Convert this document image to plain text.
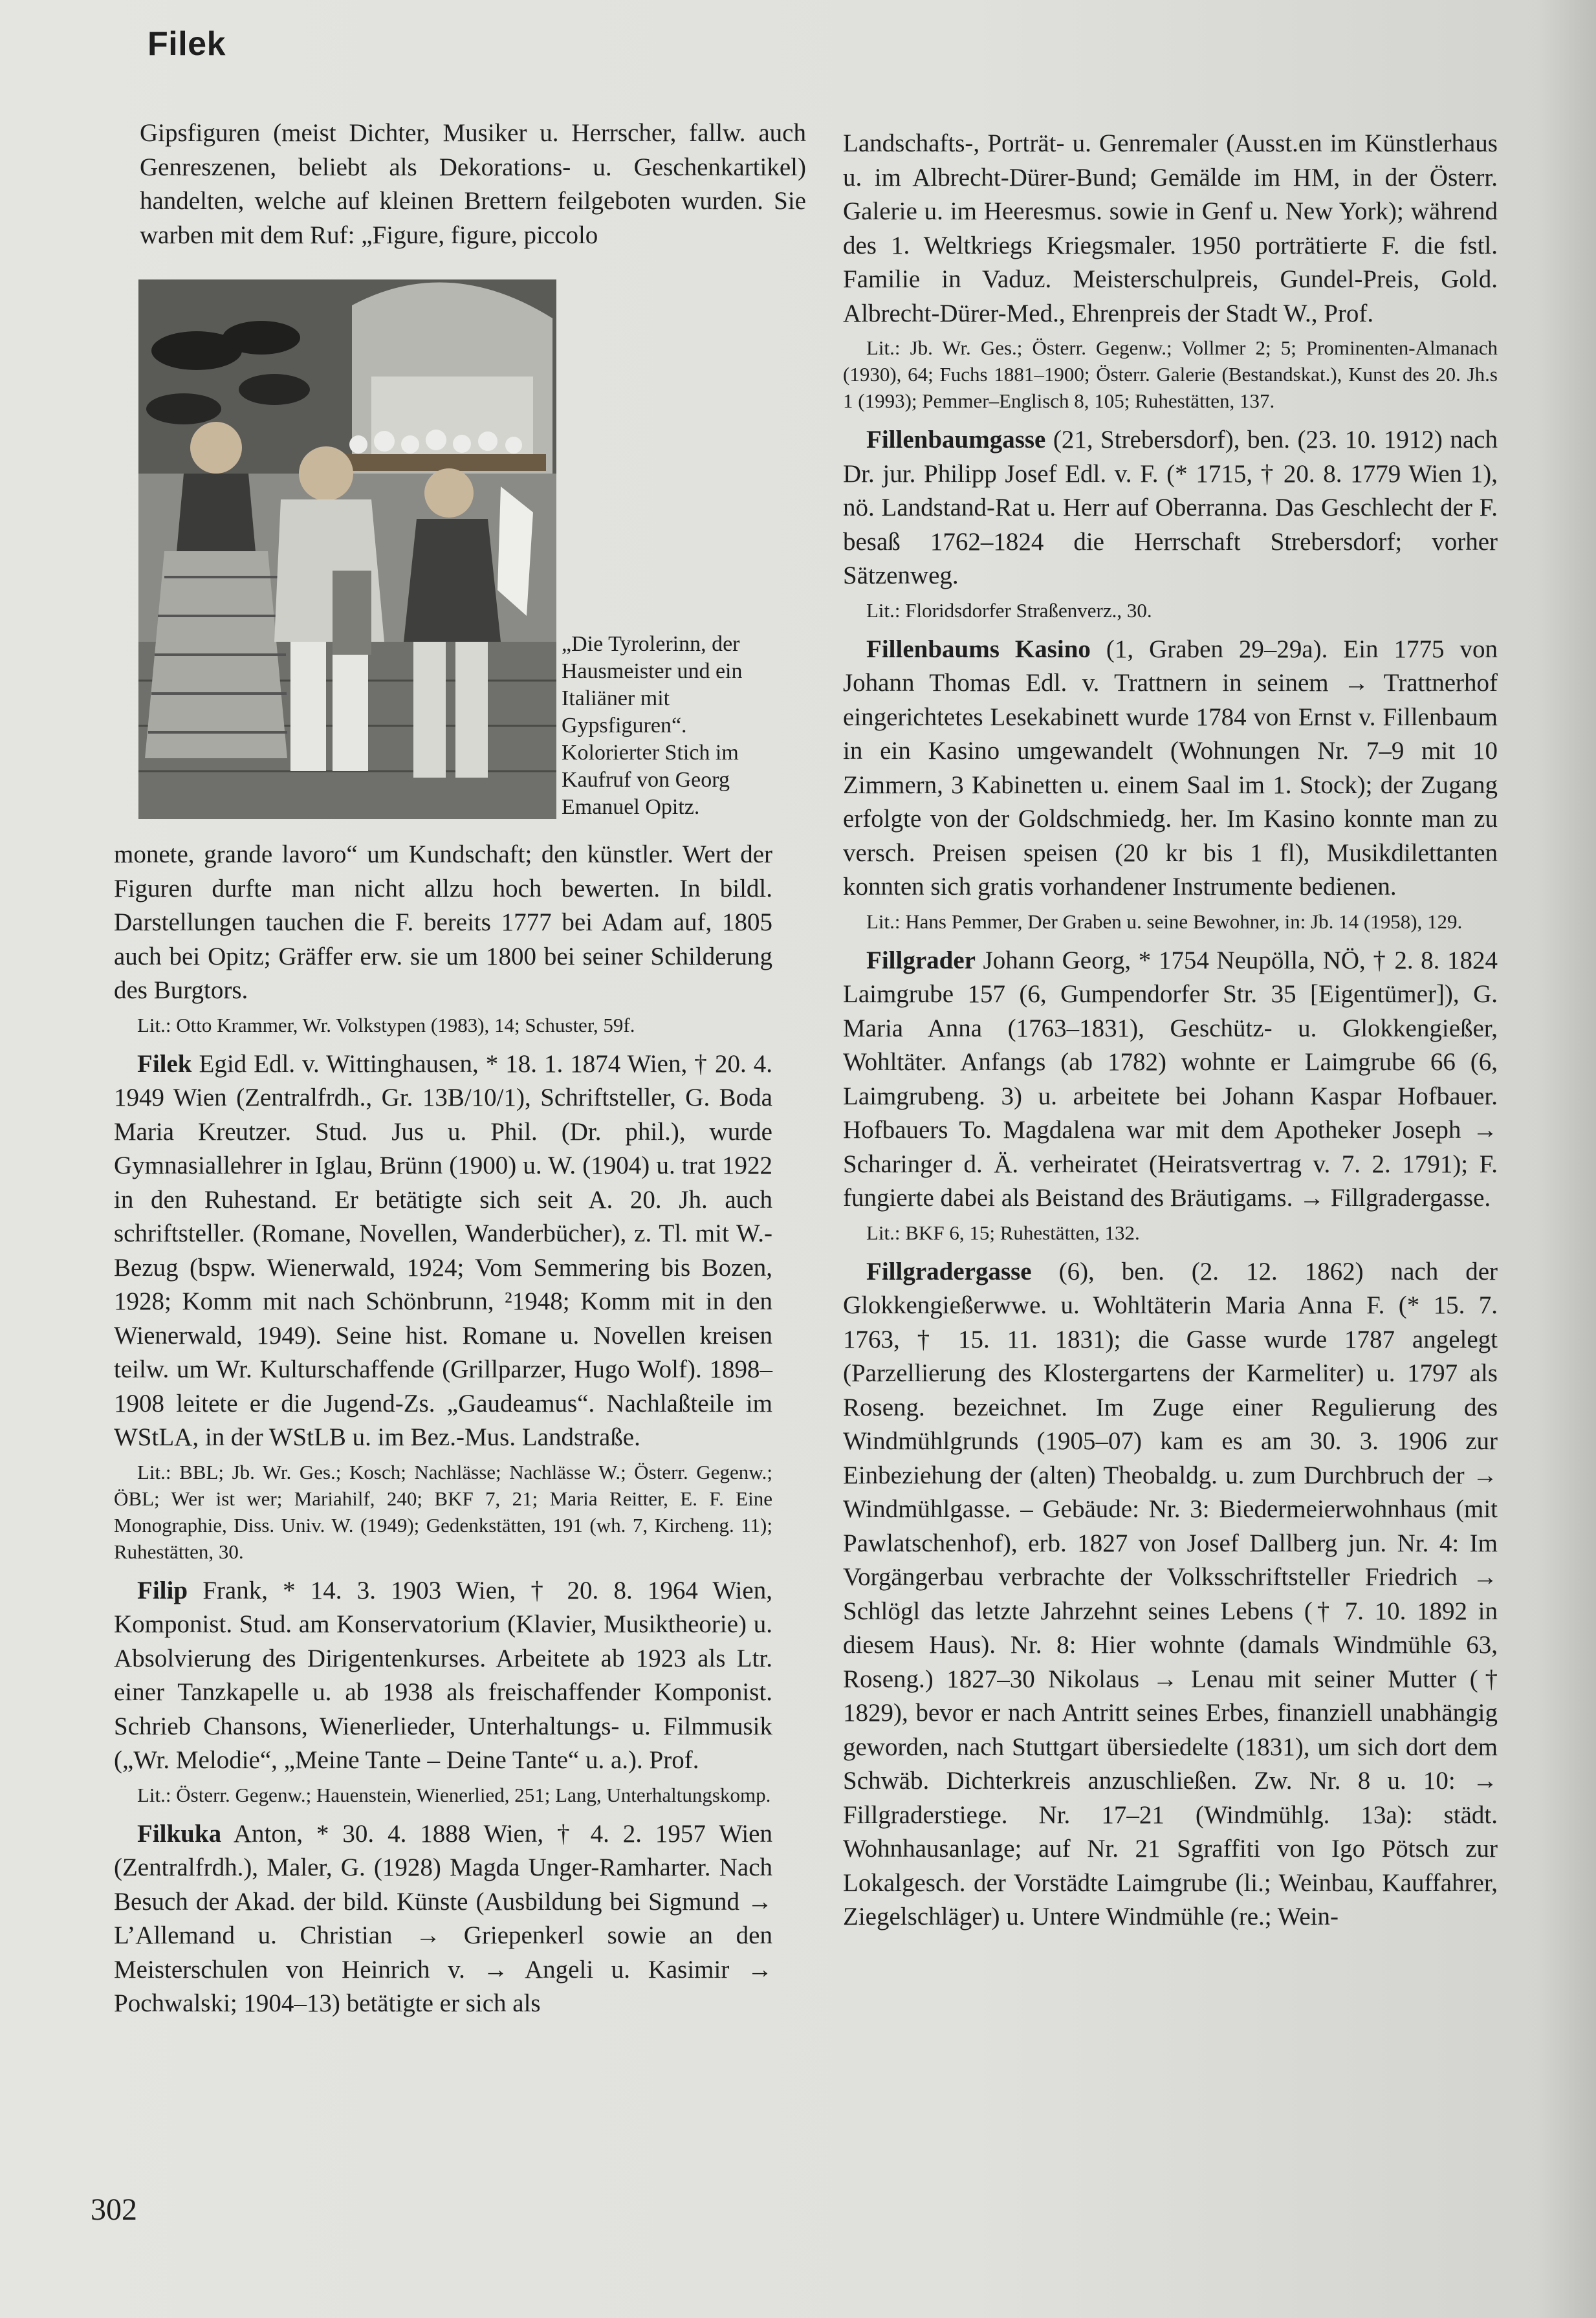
Filek

Gipsfiguren (meist Dichter, Musiker u. Herrscher, fallw. auch Genreszenen, beliebt als Dekorations- u. Geschenkartikel) handelten, welche auf kleinen Brettern feilgeboten wurden. Sie warben mit dem Ruf: „Figure, figure, piccolo

„Die Tyrolerinn, der Hausmeister und ein Italiäner mit Gypsfiguren“. Kolorierter Stich im Kaufruf von Georg Emanuel Opitz.

monete, grande lavoro“ um Kundschaft; den künstler. Wert der Figuren durfte man nicht allzu hoch bewerten. In bildl. Darstellungen tauchen die F. bereits 1777 bei Adam auf, 1805 auch bei Opitz; Gräffer erw. sie um 1800 bei seiner Schilderung des Burgtors.

Lit.: Otto Krammer, Wr. Volkstypen (1983), 14; Schuster, 59f.

Filek Egid Edl. v. Wittinghausen, * 18. 1. 1874 Wien, † 20. 4. 1949 Wien (Zentralfrdh., Gr. 13B/10/1), Schriftsteller, G. Boda Maria Kreutzer. Stud. Jus u. Phil. (Dr. phil.), wurde Gymnasiallehrer in Iglau, Brünn (1900) u. W. (1904) u. trat 1922 in den Ruhestand. Er betätigte sich seit A. 20. Jh. auch schriftsteller. (Romane, Novellen, Wanderbücher), z. Tl. mit W.-Bezug (bspw. Wienerwald, 1924; Vom Semmering bis Bozen, 1928; Komm mit nach Schönbrunn, ²1948; Komm mit in den Wienerwald, 1949). Seine hist. Romane u. Novellen kreisen teilw. um Wr. Kulturschaffende (Grillparzer, Hugo Wolf). 1898–1908 leitete er die Jugend-Zs. „Gaudeamus“. Nachlaßteile im WStLA, in der WStLB u. im Bez.-Mus. Landstraße.

Lit.: BBL; Jb. Wr. Ges.; Kosch; Nachlässe; Nachlässe W.; Österr. Gegenw.; ÖBL; Wer ist wer; Mariahilf, 240; BKF 7, 21; Maria Reitter, E. F. Eine Monographie, Diss. Univ. W. (1949); Gedenkstätten, 191 (wh. 7, Kircheng. 11); Ruhestätten, 30.

Filip Frank, * 14. 3. 1903 Wien, † 20. 8. 1964 Wien, Komponist. Stud. am Konservatorium (Klavier, Musiktheorie) u. Absolvierung des Dirigentenkurses. Arbeitete ab 1923 als Ltr. einer Tanzkapelle u. ab 1938 als freischaffender Komponist. Schrieb Chansons, Wienerlieder, Unterhaltungs- u. Filmmusik („Wr. Melodie“, „Meine Tante – Deine Tante“ u. a.). Prof.

Lit.: Österr. Gegenw.; Hauenstein, Wienerlied, 251; Lang, Unterhaltungskomp.

Filkuka Anton, * 30. 4. 1888 Wien, † 4. 2. 1957 Wien (Zentralfrdh.), Maler, G. (1928) Magda Unger-Ramharter. Nach Besuch der Akad. der bild. Künste (Ausbildung bei Sigmund → L’Allemand u. Christian → Griepenkerl sowie an den Meisterschulen von Heinrich v. → Angeli u. Kasimir → Pochwalski; 1904–13) betätigte er sich als

Landschafts-, Porträt- u. Genremaler (Ausst.en im Künstlerhaus u. im Albrecht-Dürer-Bund; Gemälde im HM, in der Österr. Galerie u. im Heeresmus. sowie in Genf u. New York); während des 1. Weltkriegs Kriegsmaler. 1950 porträtierte F. die fstl. Familie in Vaduz. Meisterschulpreis, Gundel-Preis, Gold. Albrecht-Dürer-Med., Ehrenpreis der Stadt W., Prof.

Lit.: Jb. Wr. Ges.; Österr. Gegenw.; Vollmer 2; 5; Prominenten-Almanach (1930), 64; Fuchs 1881–1900; Österr. Galerie (Bestandskat.), Kunst des 20. Jh.s 1 (1993); Pemmer–Englisch 8, 105; Ruhestätten, 137.

Fillenbaumgasse (21, Strebersdorf), ben. (23. 10. 1912) nach Dr. jur. Philipp Josef Edl. v. F. (* 1715, † 20. 8. 1779 Wien 1), nö. Landstand-Rat u. Herr auf Oberranna. Das Geschlecht der F. besaß 1762–1824 die Herrschaft Strebersdorf; vorher Sätzenweg.

Lit.: Floridsdorfer Straßenverz., 30.

Fillenbaums Kasino (1, Graben 29–29a). Ein 1775 von Johann Thomas Edl. v. Trattnern in seinem → Trattnerhof eingerichtetes Lesekabinett wurde 1784 von Ernst v. Fillenbaum in ein Kasino umgewandelt (Wohnungen Nr. 7–9 mit 10 Zimmern, 3 Kabinetten u. einem Saal im 1. Stock); der Zugang erfolgte von der Goldschmiedg. her. Im Kasino konnte man zu versch. Preisen speisen (20 kr bis 1 fl), Musikdilettanten konnten sich gratis vorhandener Instrumente bedienen.

Lit.: Hans Pemmer, Der Graben u. seine Bewohner, in: Jb. 14 (1958), 129.

Fillgrader Johann Georg, * 1754 Neupölla, NÖ, † 2. 8. 1824 Laimgrube 157 (6, Gumpendorfer Str. 35 [Eigentümer]), G. Maria Anna (1763–1831), Geschütz- u. Glokkengießer, Wohltäter. Anfangs (ab 1782) wohnte er Laimgrube 66 (6, Laimgrubeng. 3) u. arbeitete bei Johann Kaspar Hofbauer. Hofbauers To. Magdalena war mit dem Apotheker Joseph → Scharinger d. Ä. verheiratet (Heiratsvertrag v. 7. 2. 1791); F. fungierte dabei als Beistand des Bräutigams. → Fillgradergasse.

Lit.: BKF 6, 15; Ruhestätten, 132.

Fillgradergasse (6), ben. (2. 12. 1862) nach der Glokkengießerwwe. u. Wohltäterin Maria Anna F. (* 15. 7. 1763, † 15. 11. 1831); die Gasse wurde 1787 angelegt (Parzellierung des Klostergartens der Karmeliter) u. 1797 als Roseng. bezeichnet. Im Zuge einer Regulierung des Windmühlgrunds (1905–07) kam es am 30. 3. 1906 zur Einbeziehung der (alten) Theobaldg. u. zum Durchbruch der → Windmühlgasse. – Gebäude: Nr. 3: Biedermeierwohnhaus (mit Pawlatschenhof), erb. 1827 von Josef Dallberg jun. Nr. 4: Im Vorgängerbau verbrachte der Volksschriftsteller Friedrich → Schlögl das letzte Jahrzehnt seines Lebens († 7. 10. 1892 in diesem Haus). Nr. 8: Hier wohnte (damals Windmühle 63, Roseng.) 1827–30 Nikolaus → Lenau mit seiner Mutter († 1829), bevor er nach Antritt seines Erbes, finanziell unabhängig geworden, nach Stuttgart übersiedelte (1831), um sich dort dem Schwäb. Dichterkreis anzuschließen. Zw. Nr. 8 u. 10: → Fillgraderstiege. Nr. 17–21 (Windmühlg. 13a): städt. Wohnhausanlage; auf Nr. 21 Sgraffiti von Igo Pötsch zur Lokalgesch. der Vorstädte Laimgrube (li.; Weinbau, Kauffahrer, Ziegelschläger) u. Untere Windmühle (re.; Wein-

302
